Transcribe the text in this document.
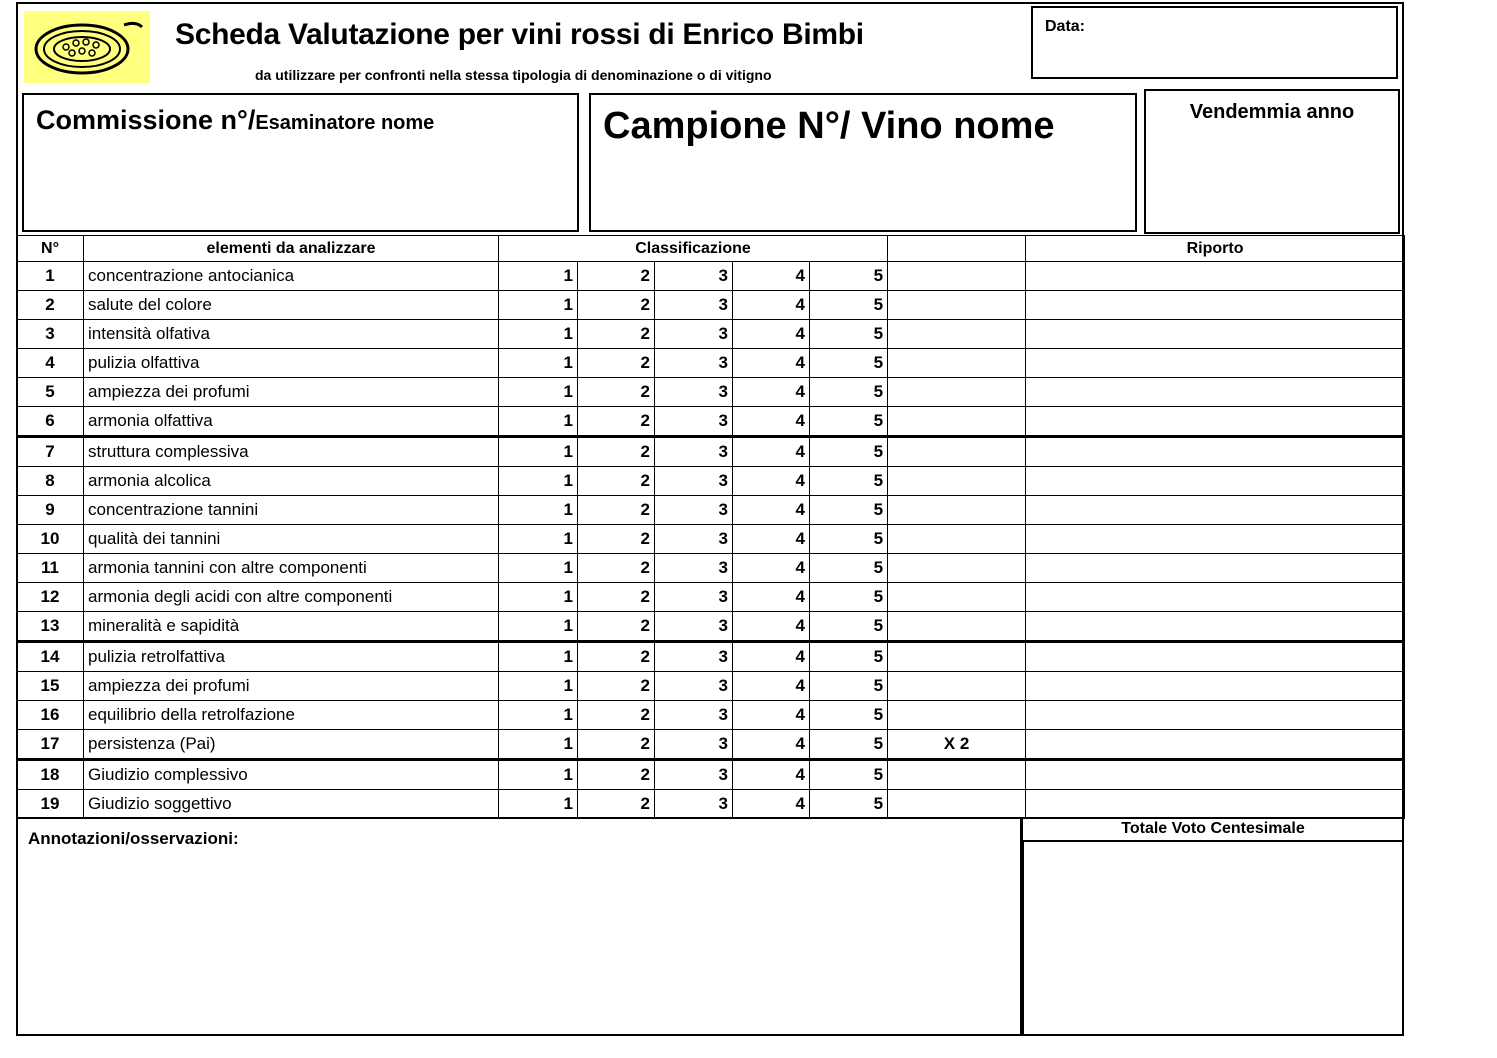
Scheda Valutazione per vini rossi di Enrico Bimbi
da utilizzare per confronti nella stessa tipologia di denominazione o di vitigno
Data:
Commissione n°/Esaminatore nome	Campione N°/ Vino nome	Vendemmia anno
N°	elementi da analizzare	Classificazione						Riporto
1	concentrazione antocianica	1	2	3	4	5		
2	salute del colore	1	2	3	4	5		
3	intensità olfativa	1	2	3	4	5		
4	pulizia olfattiva	1	2	3	4	5		
5	ampiezza dei profumi	1	2	3	4	5		
6	armonia olfattiva	1	2	3	4	5		
7	struttura complessiva	1	2	3	4	5		
8	armonia alcolica	1	2	3	4	5		
9	concentrazione tannini	1	2	3	4	5		
10	qualità dei tannini	1	2	3	4	5		
11	armonia tannini con altre componenti	1	2	3	4	5		
12	armonia degli acidi con altre componenti	1	2	3	4	5		
13	mineralità e sapidità	1	2	3	4	5		
14	pulizia retrolfattiva	1	2	3	4	5		
15	ampiezza dei profumi	1	2	3	4	5		
16	equilibrio della retrolfazione	1	2	3	4	5		
17	persistenza (Pai)	1	2	3	4	5	X 2	
18	Giudizio complessivo	1	2	3	4	5		
19	Giudizio soggettivo	1	2	3	4	5		
Annotazioni/osservazioni:
Totale Voto Centesimale
